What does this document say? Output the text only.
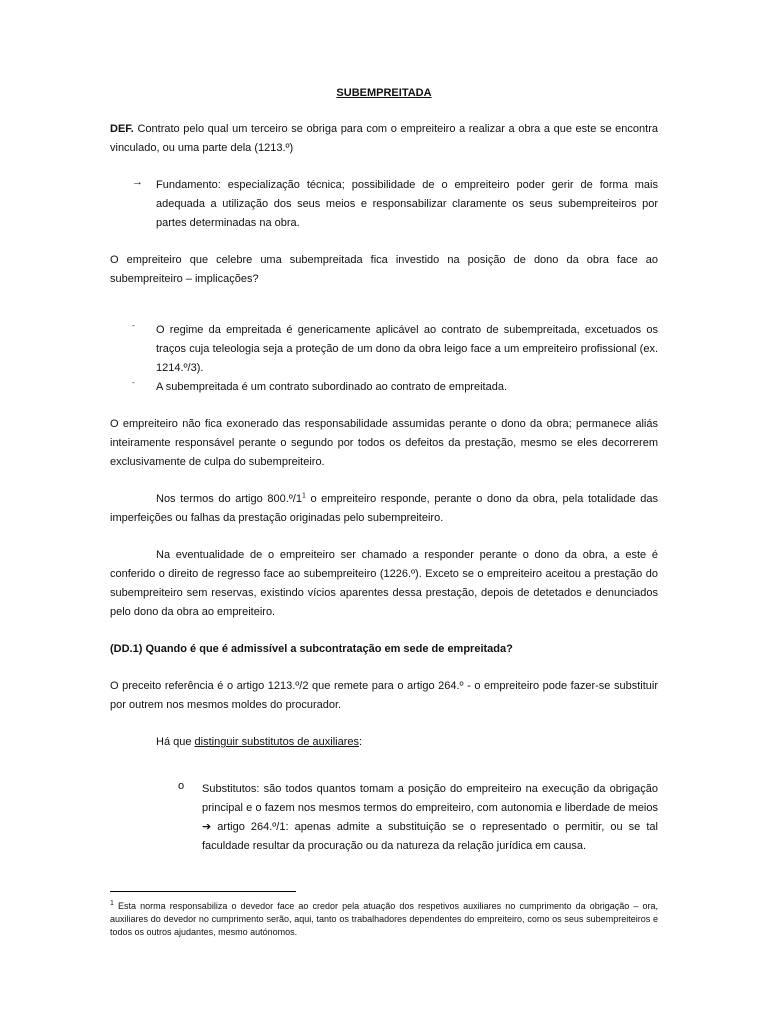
SUBEMPREITADA

DEF. Contrato pelo qual um terceiro se obriga para com o empreiteiro a realizar a obra a que este se encontra vinculado, ou uma parte dela (1213.º)

→ Fundamento: especialização técnica; possibilidade de o empreiteiro poder gerir de forma mais adequada a utilização dos seus meios e responsabilizar claramente os seus subempreiteiros por partes determinadas na obra.

O empreiteiro que celebre uma subempreitada fica investido na posição de dono da obra face ao subempreiteiro – implicações?

- O regime da empreitada é genericamente aplicável ao contrato de subempreitada, excetuados os traços cuja teleologia seja a proteção de um dono da obra leigo face a um empreiteiro profissional (ex. 1214.º/3).

- A subempreitada é um contrato subordinado ao contrato de empreitada.

O empreiteiro não fica exonerado das responsabilidade assumidas perante o dono da obra; permanece aliás inteiramente responsável perante o segundo por todos os defeitos da prestação, mesmo se eles decorrerem exclusivamente de culpa do subempreiteiro.

Nos termos do artigo $800.º/1^1$ o empreiteiro responde, perante o dono da obra, pela totalidade das imperfeições ou falhas da prestação originadas pelo subempreiteiro.

Na eventualidade de o empreiteiro ser chamado a responder perante o dono da obra, a este é conferido o direito de regresso face ao subempreiteiro (1226.º). Exceto se o empreiteiro aceitou a prestação do subempreiteiro sem reservas, existindo vícios aparentes dessa prestação, depois de detetados e denunciados pelo dono da obra ao empreiteiro.

(DD.1) Quando é que é admissível a subcontratação em sede de empreitada?

O preceito referência é o artigo 1213.º/2 que remete para o artigo 264.º - o empreiteiro pode fazer-se substituir por outrem nos mesmos moldes do procurador.

Há que distinguir substitutos de auxiliares:

o Substitutos: são todos quantos tomam a posição do empreiteiro na execução da obrigação principal e o fazem nos mesmos termos do empreiteiro, com autonomia e liberdade de meios ➔ artigo 264.º/1: apenas admite a substituição se o representado o permitir, ou se tal faculdade resultar da procuração ou da natureza da relação jurídica em causa.

$^1$ Esta norma responsabiliza o devedor face ao credor pela atuação dos respetivos auxiliares no cumprimento da obrigação – ora, auxiliares do devedor no cumprimento serão, aqui, tanto os trabalhadores dependentes do empreiteiro, como os seus subempreiteiros e todos os outros ajudantes, mesmo autónomos.
